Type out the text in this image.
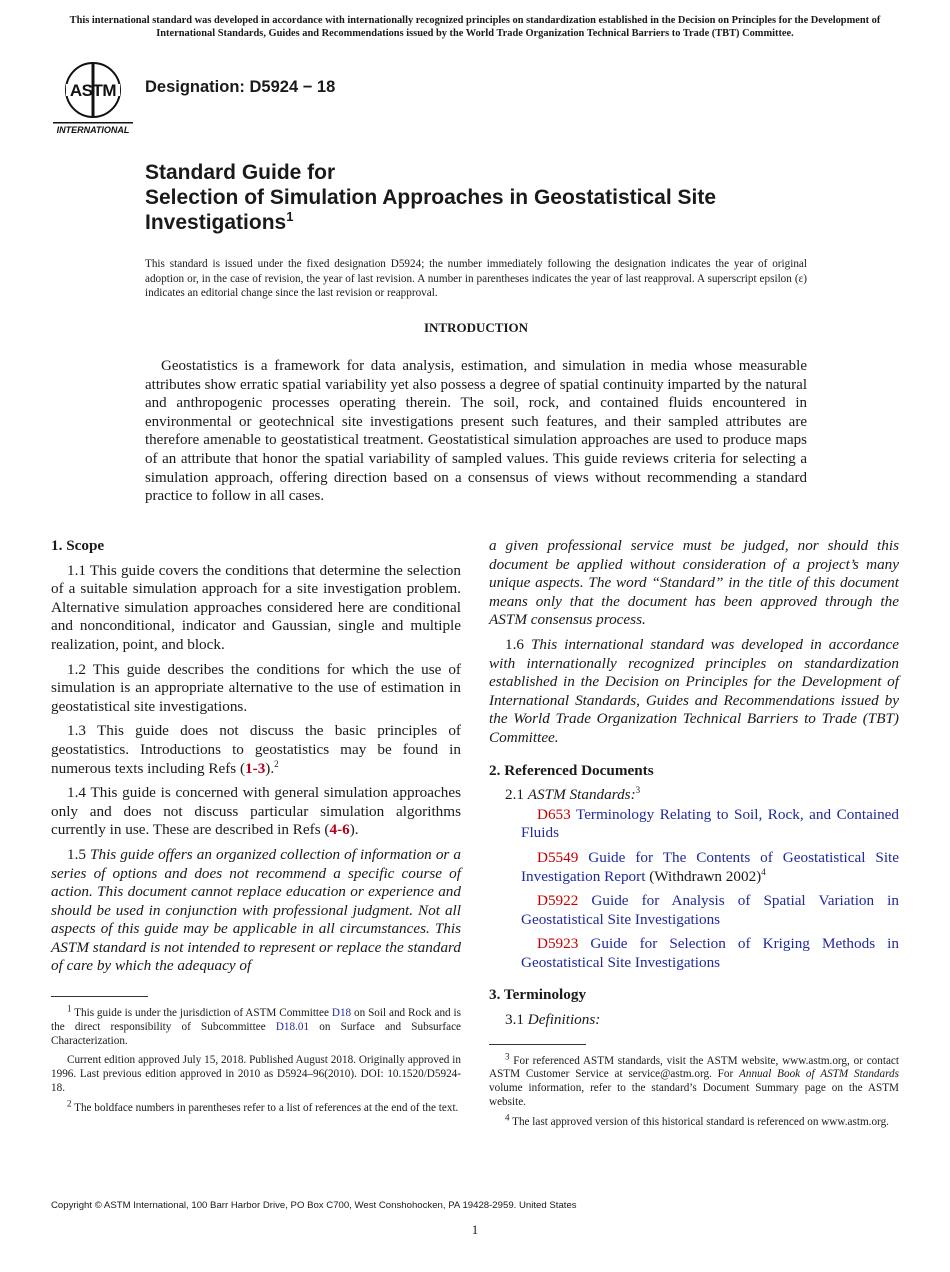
This international standard was developed in accordance with internationally recognized principles on standardization established in the Decision on Principles for the Development of International Standards, Guides and Recommendations issued by the World Trade Organization Technical Barriers to Trade (TBT) Committee.
ASTM
INTERNATIONAL
Designation: D5924 − 18
Standard Guide for
Selection of Simulation Approaches in Geostatistical Site
Investigations$^1$
This standard is issued under the fixed designation D5924; the number immediately following the designation indicates the year of original adoption or, in the case of revision, the year of last revision. A number in parentheses indicates the year of last reapproval. A superscript epsilon (ε) indicates an editorial change since the last revision or reapproval.
INTRODUCTION

Geostatistics is a framework for data analysis, estimation, and simulation in media whose measurable attributes show erratic spatial variability yet also possess a degree of spatial continuity imparted by the natural and anthropogenic processes operating therein. The soil, rock, and contained fluids encountered in environmental or geotechnical site investigations present such features, and their sampled attributes are therefore amenable to geostatistical treatment. Geostatistical simulation approaches are used to produce maps of an attribute that honor the spatial variability of sampled values. This guide reviews criteria for selecting a simulation approach, offering direction based on a consensus of views without recommending a standard practice to follow in all cases.

1. Scope

1.1 This guide covers the conditions that determine the selection of a suitable simulation approach for a site investigation problem. Alternative simulation approaches considered here are conditional and nonconditional, indicator and Gaussian, single and multiple realization, point, and block.

1.2 This guide describes the conditions for which the use of simulation is an appropriate alternative to the use of estimation in geostatistical site investigations.

1.3 This guide does not discuss the basic principles of geostatistics. Introductions to geostatistics may be found in numerous texts including Refs (1-3).$^2$

1.4 This guide is concerned with general simulation approaches only and does not discuss particular simulation algorithms currently in use. These are described in Refs (4-6).

1.5 This guide offers an organized collection of information or a series of options and does not recommend a specific course of action. This document cannot replace education or experience and should be used in conjunction with professional judgment. Not all aspects of this guide may be applicable in all circumstances. This ASTM standard is not intended to represent or replace the standard of care by which the adequacy of

$^1$ This guide is under the jurisdiction of ASTM Committee D18 on Soil and Rock and is the direct responsibility of Subcommittee D18.01 on Surface and Subsurface Characterization.

Current edition approved July 15, 2018. Published August 2018. Originally approved in 1996. Last previous edition approved in 2010 as D5924–96(2010). DOI: 10.1520/D5924-18.

$^2$ The boldface numbers in parentheses refer to a list of references at the end of the text.

a given professional service must be judged, nor should this document be applied without consideration of a project’s many unique aspects. The word “Standard” in the title of this document means only that the document has been approved through the ASTM consensus process.

1.6 This international standard was developed in accordance with internationally recognized principles on standardization established in the Decision on Principles for the Development of International Standards, Guides and Recommendations issued by the World Trade Organization Technical Barriers to Trade (TBT) Committee.

2. Referenced Documents

2.1 ASTM Standards:$^3$

D653 Terminology Relating to Soil, Rock, and Contained Fluids

D5549 Guide for The Contents of Geostatistical Site Investigation Report (Withdrawn 2002)$^4$

D5922 Guide for Analysis of Spatial Variation in Geostatistical Site Investigations

D5923 Guide for Selection of Kriging Methods in Geostatistical Site Investigations

3. Terminology

3.1 Definitions:

$^3$ For referenced ASTM standards, visit the ASTM website, www.astm.org, or contact ASTM Customer Service at service@astm.org. For Annual Book of ASTM Standards volume information, refer to the standard’s Document Summary page on the ASTM website.

$^4$ The last approved version of this historical standard is referenced on www.astm.org.

Copyright © ASTM International, 100 Barr Harbor Drive, PO Box C700, West Conshohocken, PA 19428-2959. United States
1
